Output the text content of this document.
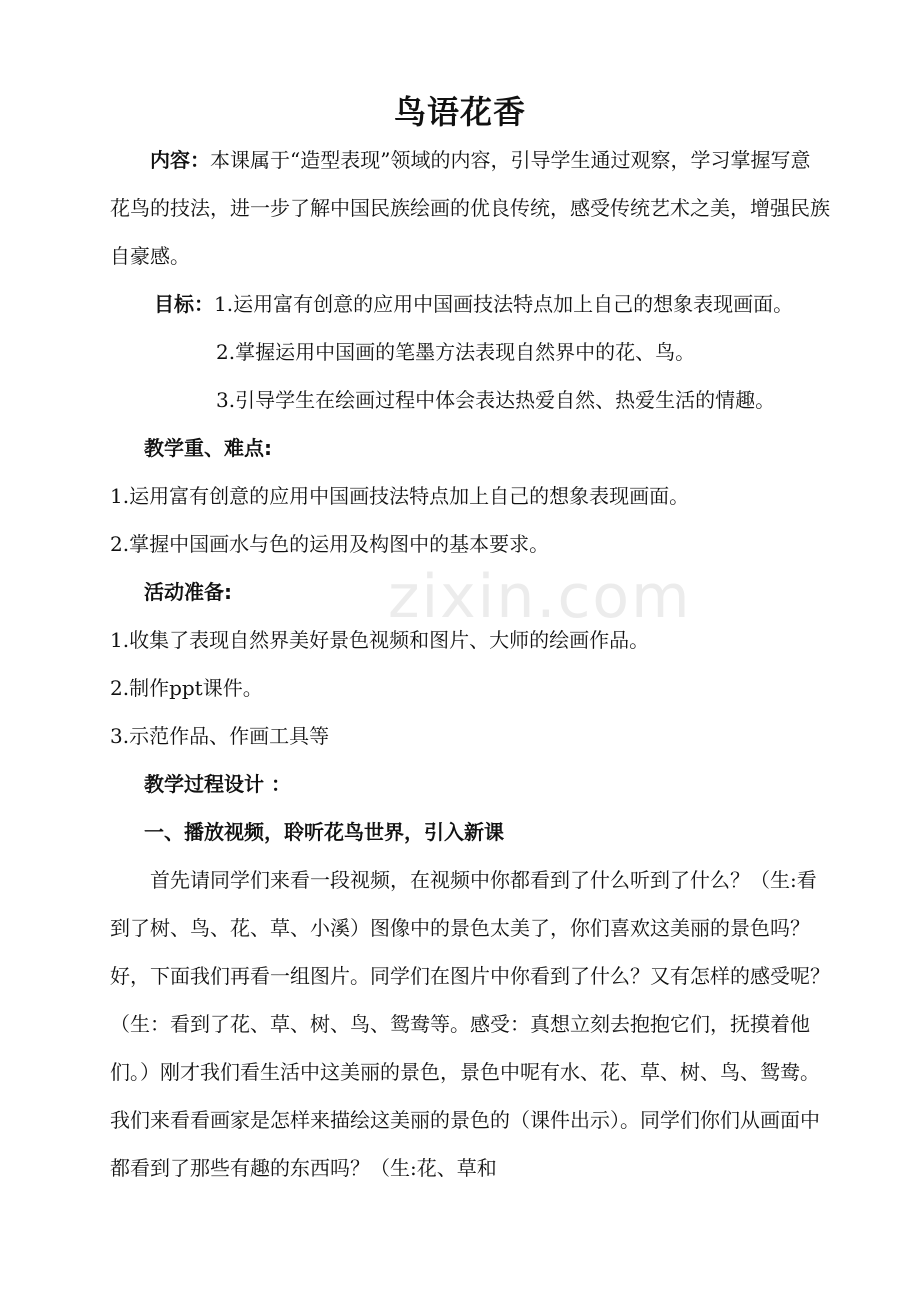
zixin.com
鸟语花香

内容：本课属于“造型表现”领域的内容，引导学生通过观察，学习掌握写意花鸟的技法，进一步了解中国民族绘画的优良传统，感受传统艺术之美，增强民族自豪感。

目标：1.运用富有创意的应用中国画技法特点加上自己的想象表现画面。

2.掌握运用中国画的笔墨方法表现自然界中的花、鸟。

3.引导学生在绘画过程中体会表达热爱自然、热爱生活的情趣。

教学重、难点:

1.运用富有创意的应用中国画技法特点加上自己的想象表现画面。

2.掌握中国画水与色的运用及构图中的基本要求。

活动准备:

1.收集了表现自然界美好景色视频和图片、大师的绘画作品。

2.制作ppt课件。

3.示范作品、作画工具等

教学过程设计 ：

一、播放视频，聆听花鸟世界，引入新课

首先请同学们来看一段视频，在视频中你都看到了什么听到了什么？（生:看到了树、鸟、花、草、小溪）图像中的景色太美了，你们喜欢这美丽的景色吗？好，下面我们再看一组图片。同学们在图片中你看到了什么？又有怎样的感受呢？（生：看到了花、草、树、鸟、鸳鸯等。感受：真想立刻去抱抱它们，抚摸着他们。）刚才我们看生活中这美丽的景色，景色中呢有水、花、草、树、鸟、鸳鸯。我们来看看画家是怎样来描绘这美丽的景色的（课件出示）。同学们你们从画面中都看到了那些有趣的东西吗？（生:花、草和
